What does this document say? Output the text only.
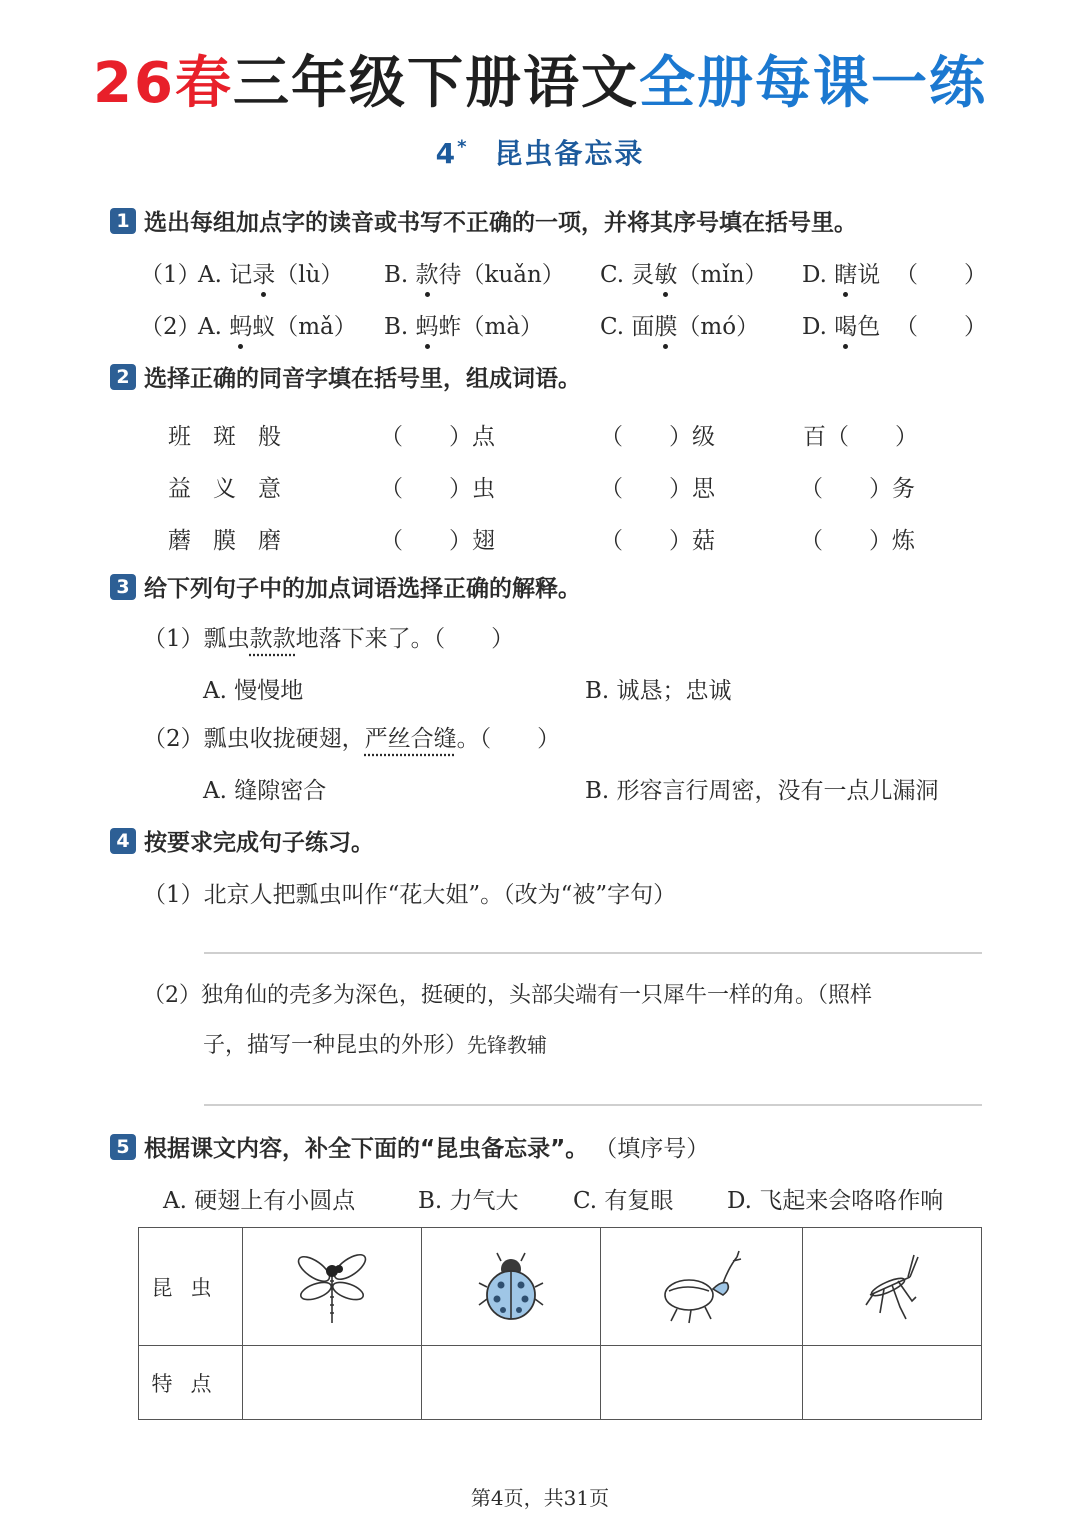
26春三年级下册语文全册每课一练
4* 昆虫备忘录
1 选出每组加点字的读音或书写不正确的一项，并将其序号填在括号里。
（1）
A. 记录（lù） B. 款待（kuǎn） C. 灵敏（mǐn） D. 瞎说 （　　）
（2）
A. 蚂蚁（mǎ） B. 蚂蚱（mà） C. 面膜（mó） D. 喝色 （　　）
2 选择正确的同音字填在括号里，组成词语。
班斑般	（　　）点	（　　）级	百（　　）
益义意	（　　）虫	（　　）思	（　　）务
蘑膜磨	（　　）翅	（　　）菇	（　　）炼
3 给下列句子中的加点词语选择正确的解释。
（1）瓢虫款款地落下来了。（　　）
A. 慢慢地	B. 诚恳；忠诚
（2）瓢虫收拢硬翅，严丝合缝。（　　）
A. 缝隙密合	B. 形容言行周密，没有一点儿漏洞
4 按要求完成句子练习。
（1）北京人把瓢虫叫作“花大姐”。（改为“被”字句）
（2）独角仙的壳多为深色，挺硬的，头部尖端有一只犀牛一样的角。（照样
子，描写一种昆虫的外形）先锋教辅
5 根据课文内容，补全下面的“昆虫备忘录”。 （填序号）
A. 硬翅上有小圆点	B. 力气大 C. 有复眼 D. 飞起来会咯咯作响
昆虫	

特点				
第4页，共31页
